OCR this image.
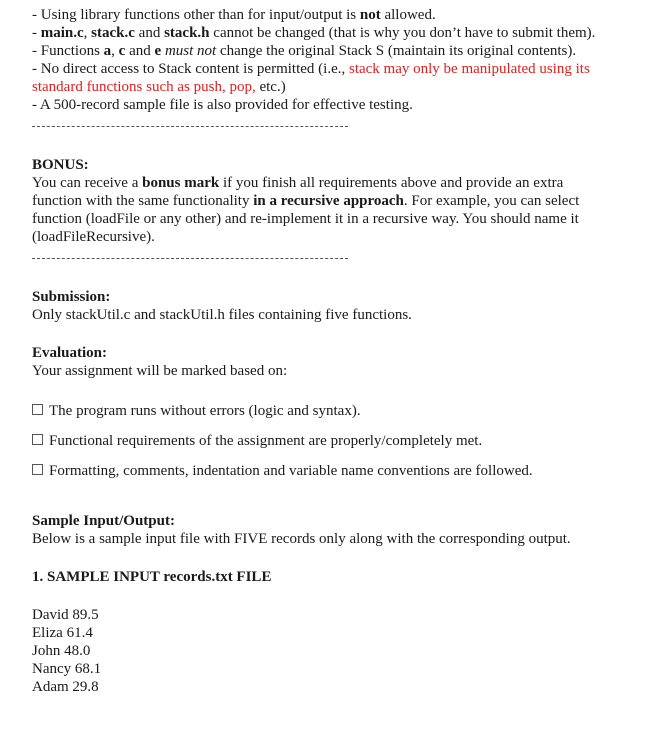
- Using library functions other than for input/output is not allowed.
- main.c, stack.c and stack.h cannot be changed (that is why you don’t have to submit them).
- Functions a, c and e must not change the original Stack S (maintain its original contents).
- No direct access to Stack content is permitted (i.e., stack may only be manipulated using its
standard functions such as push, pop, etc.)
- A 500-record sample file is also provided for effective testing.
BONUS:
You can receive a bonus mark if you finish all requirements above and provide an extra
function with the same functionality in a recursive approach. For example, you can select
function (loadFile or any other) and re-implement it in a recursive way. You should name it
(loadFileRecursive).
Submission:
Only stackUtil.c and stackUtil.h files containing five functions.
Evaluation:
Your assignment will be marked based on:
The program runs without errors (logic and syntax).
Functional requirements of the assignment are properly/completely met.
Formatting, comments, indentation and variable name conventions are followed.
Sample Input/Output:
Below is a sample input file with FIVE records only along with the corresponding output.
1. SAMPLE INPUT records.txt FILE
David 89.5
Eliza 61.4
John 48.0
Nancy 68.1
Adam 29.8
